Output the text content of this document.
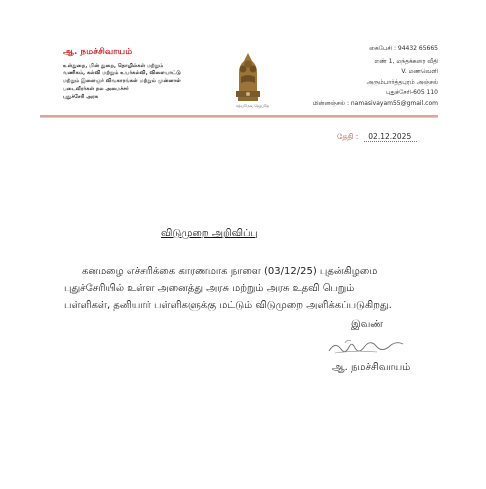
ஆ. நமச்சிவாயம்
உள்துறை, மின் துறை, தொழில்கள் மற்றும்
வணிகம், கல்வி மற்றும் உயர்கல்வி, விளையாட்டு
மற்றும் இளைஞர் விவகாரங்கள் மற்றும் முன்னாள்
படைவீரர்கள் நல அமைச்சர்
புதுச்சேரி அரசு
சத்யமேவ ஜெயதே
கைபேசி : 94432 65665
எண் 1, மந்தக்கரை வீதி
V. மணவெளி
அரும்பார்த்தபுரம் அஞ்சல்
புதுச்சேரி-605 110
மின்னஞ்சல் : namasivayam55@gmail.com
தேதி : 02.12.2025
விடுமுறை அறிவிப்பு
கனமழை எச்சரிக்கை காரணமாக நாளை (03/12/25) புதன்கிழமை
புதுச்சேரியில் உள்ள அனைத்து அரசு மற்றும் அரசு உதவி பெறும்
பள்ளிகள், தனியார் பள்ளிகளுக்கு மட்டும் விடுமுறை அளிக்கப்படுகிறது.
இவண்
ஆ. நமச்சிவாயம்
